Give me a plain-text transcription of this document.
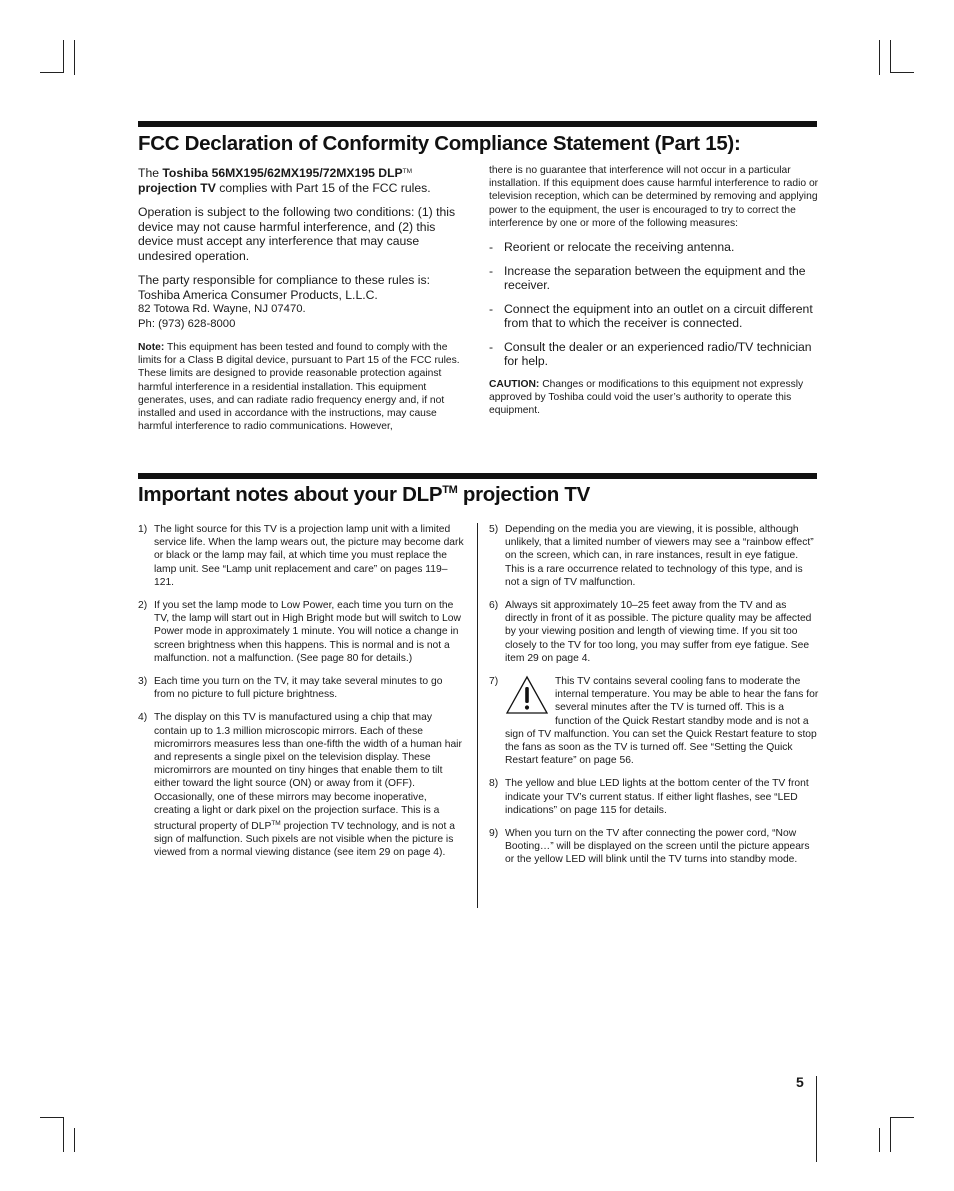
FCC Declaration of Conformity Compliance Statement (Part 15):

The Toshiba 56MX195/62MX195/72MX195 DLP™
projection TV complies with Part 15 of the FCC rules.

Operation is subject to the following two conditions: (1) this device may not cause harmful interference, and (2) this device must accept any interference that may cause undesired operation.

The party responsible for compliance to these rules is:

Toshiba America Consumer Products, L.L.C.

82 Totowa Rd. Wayne, NJ 07470.

Ph: (973) 628-8000

Note: This equipment has been tested and found to comply with the limits for a Class B digital device, pursuant to Part 15 of the FCC rules. These limits are designed to provide reasonable protection against harmful interference in a residential installation. This equipment generates, uses, and can radiate radio frequency energy and, if not installed and used in accordance with the instructions, may cause harmful interference to radio communications. However,

there is no guarantee that interference will not occur in a particular installation. If this equipment does cause harmful interference to radio or television reception, which can be determined by removing and applying power to the equipment, the user is encouraged to try to correct the interference by one or more of the following measures:

- Reorient or relocate the receiving antenna.
- Increase the separation between the equipment and the receiver.
- Connect the equipment into an outlet on a circuit different from that to which the receiver is connected.
- Consult the dealer or an experienced radio/TV technician for help.

CAUTION: Changes or modifications to this equipment not expressly approved by Toshiba could void the user’s authority to operate this equipment.

Important notes about your DLP™ projection TV
1) The light source for this TV is a projection lamp unit with a limited service life. When the lamp wears out, the picture may become dark or black or the lamp may fail, at which time you must replace the lamp unit. See “Lamp unit replacement and care” on pages 119–121.
2) If you set the lamp mode to Low Power, each time you turn on the TV, the lamp will start out in High Bright mode but will switch to Low Power mode in approximately 1 minute. You will notice a change in screen brightness when this happens. This is normal and is not a malfunction. not a malfunction. (See page 80 for details.)
3) Each time you turn on the TV, it may take several minutes to go from no picture to full picture brightness.
4) The display on this TV is manufactured using a chip that may contain up to 1.3 million microscopic mirrors. Each of these micromirrors measures less than one-fifth the width of a human hair and represents a single pixel on the television display. These micromirrors are mounted on tiny hinges that enable them to tilt either toward the light source (ON) or away from it (OFF). Occasionally, one of these mirrors may become inoperative, creating a light or dark pixel on the projection surface. This is a structural property of DLP™ projection TV technology, and is not a sign of malfunction. Such pixels are not visible when the picture is viewed from a normal viewing distance (see item 29 on page 4).
5) Depending on the media you are viewing, it is possible, although unlikely, that a limited number of viewers may see a “rainbow effect” on the screen, which can, in rare instances, result in eye fatigue. This is a rare occurrence related to technology of this type, and is not a sign of TV malfunction.
6) Always sit approximately 10–25 feet away from the TV and as directly in front of it as possible. The picture quality may be affected by your viewing position and length of viewing time. If you sit too closely to the TV for too long, you may suffer from eye fatigue. See item 29 on page 4.
7)	This TV contains several cooling fans to moderate the internal temperature. You may be able to hear the fans for several minutes after the TV is turned off. This is a function of the Quick Restart standby mode and is not a sign of TV malfunction. You can set the Quick Restart feature to stop the fans as soon as the TV is turned off. See “Setting the Quick Restart feature” on page 56.
8) The yellow and blue LED lights at the bottom center of the TV front indicate your TV’s current status. If either light flashes, see “LED indications” on page 115 for details.
9) When you turn on the TV after connecting the power cord, “Now Booting…” will be displayed on the screen until the picture appears or the yellow LED will blink until the TV turns into standby mode.
5
